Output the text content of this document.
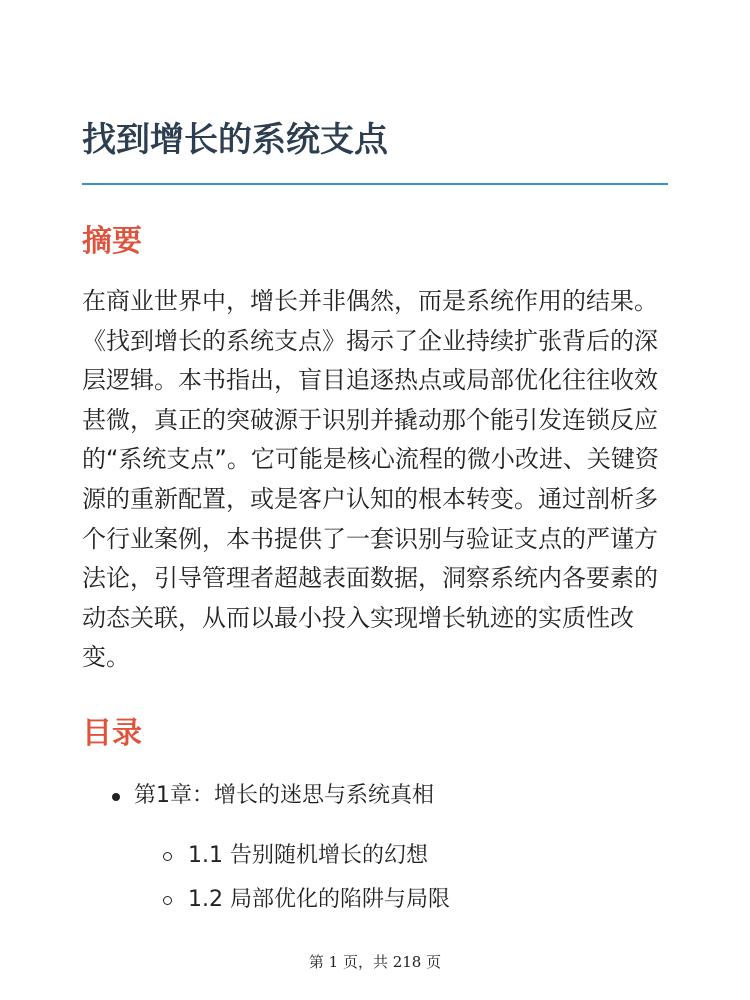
找到增长的系统支点
摘要

在商业世界中，增长并非偶然，而是系统作用的结果。《找到增长的系统支点》揭示了企业持续扩张背后的深层逻辑。本书指出，盲目追逐热点或局部优化往往收效甚微，真正的突破源于识别并撬动那个能引发连锁反应的“系统支点”。它可能是核心流程的微小改进、关键资源的重新配置，或是客户认知的根本转变。通过剖析多个行业案例，本书提供了一套识别与验证支点的严谨方法论，引导管理者超越表面数据，洞察系统内各要素的动态关联，从而以最小投入实现增长轨迹的实质性改变。

目录
第1章：增长的迷思与系统真相
1.1 告别随机增长的幻想
1.2 局部优化的陷阱与局限
第 1 页，共 218 页
